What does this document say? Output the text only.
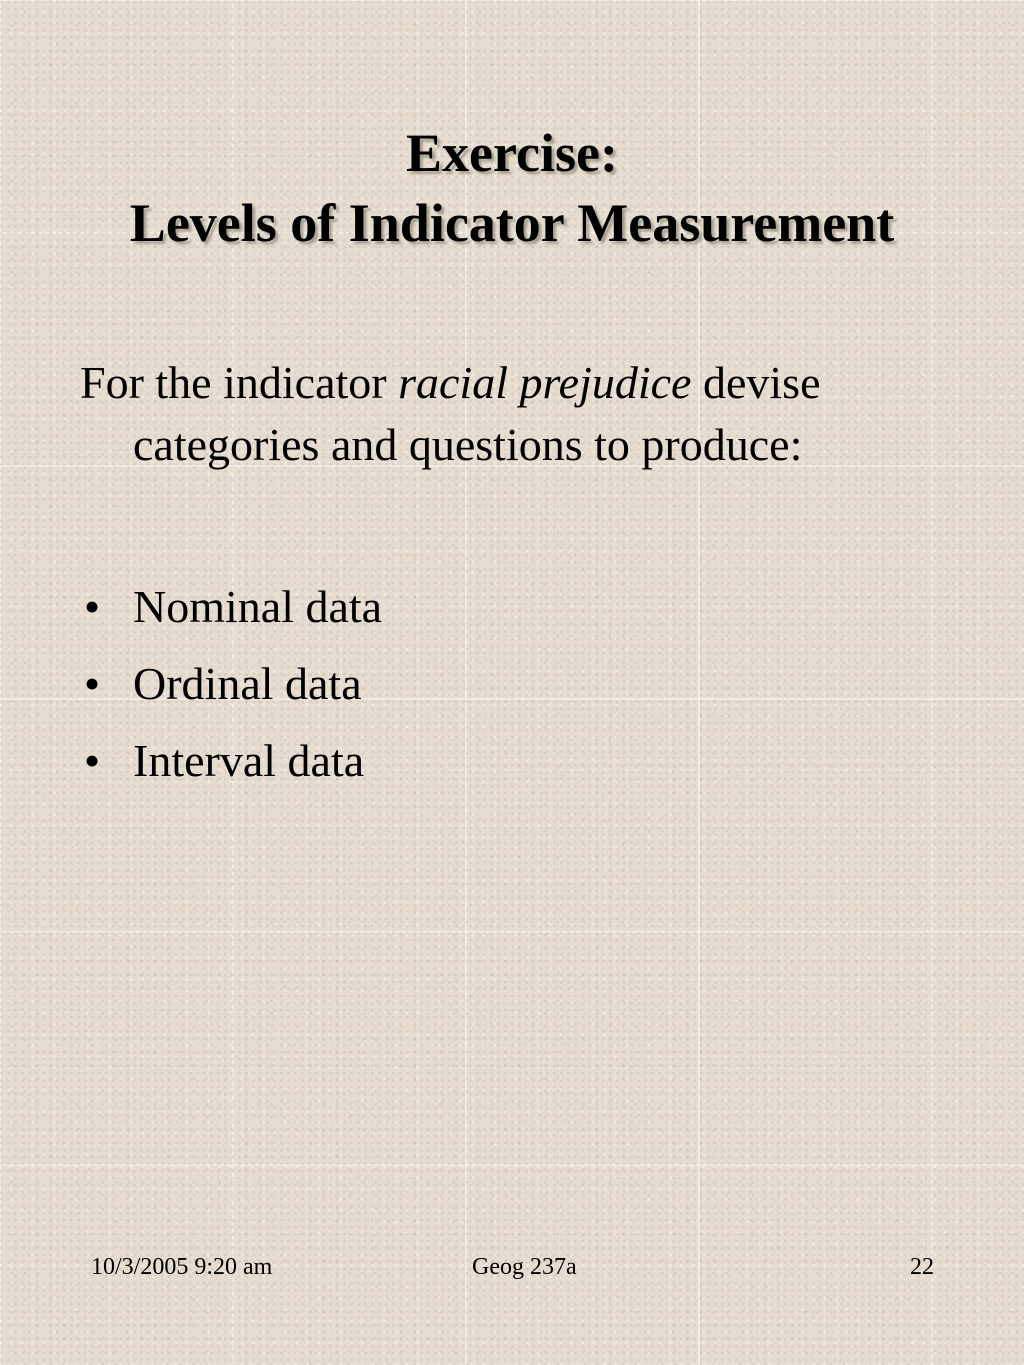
Exercise:
Levels of Indicator Measurement
For the indicator racial prejudice devise
categories and questions to produce:
• Nominal data
• Ordinal data
• Interval data
10/3/2005 9:20 am	Geog 237a	22
